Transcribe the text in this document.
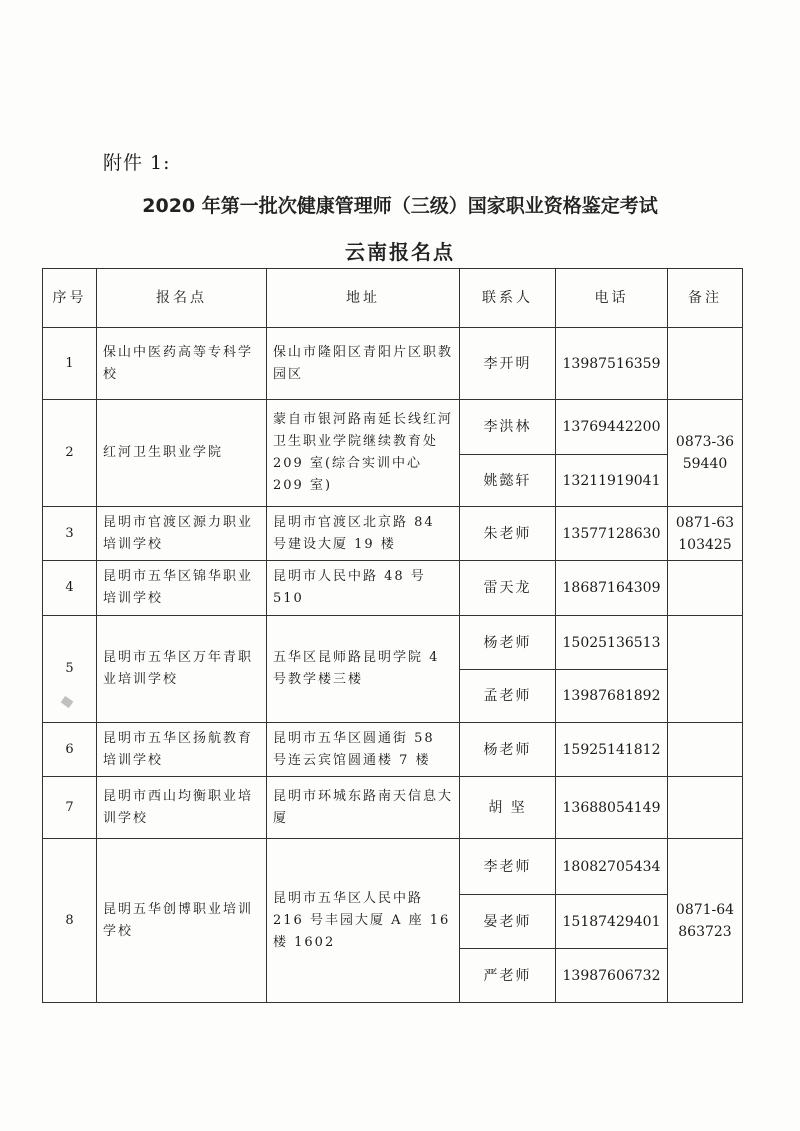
附件 1:
2020 年第一批次健康管理师（三级）国家职业资格鉴定考试
云南报名点
序号	报名点	地址	联系人	电话	备注
1	保山中医药高等专科学校	保山市隆阳区青阳片区职教园区	李开明	13987516359	
2	红河卫生职业学院	蒙自市银河路南延长线红河卫生职业学院继续教育处 209 室(综合实训中心 209 室)	李洪林	13769442200	0873-36 59440
			姚懿轩	13211919041	
3	昆明市官渡区源力职业培训学校	昆明市官渡区北京路 84 号建设大厦 19 楼	朱老师	13577128630	0871-63 103425
4	昆明市五华区锦华职业培训学校	昆明市人民中路 48 号 510	雷天龙	18687164309	
5	昆明市五华区万年青职业培训学校	五华区昆师路昆明学院 4 号教学楼三楼	杨老师	15025136513	
			孟老师	13987681892	
6	昆明市五华区扬航教育培训学校	昆明市五华区圆通街 58 号连云宾馆圆通楼 7 楼	杨老师	15925141812	
7	昆明市西山均衡职业培训学校	昆明市环城东路南天信息大厦	胡 坚	13688054149	
8	昆明五华创博职业培训学校	昆明市五华区人民中路 216 号丰园大厦 A 座 16 楼 1602	李老师	18082705434	0871-64 863723
			晏老师	15187429401	
			严老师	13987606732	
